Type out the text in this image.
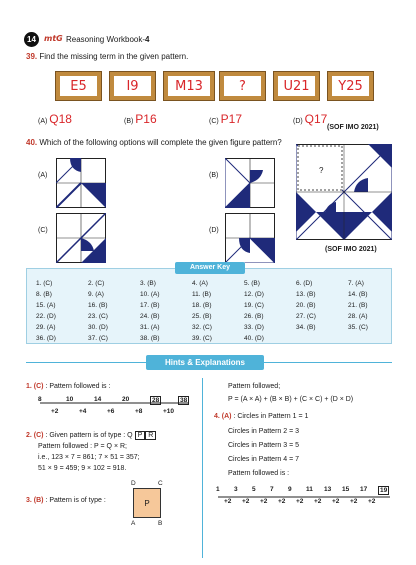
14	mtG Reasoning Workbook-4
39. Find the missing term in the given pattern.
E5	I9	M13	?	U21	Y25
(A) Q18	(B) P16	(C) P17	(D) Q17
(SOF IMO 2021)
40. Which of the following options will complete the given figure pattern?
(A)
(C)
(B)
(D)
?
(SOF IMO 2021)
Answer Key
1. (C)	2. (C)	3. (B)	4. (A)	5. (B)	6. (D)	7. (A)
8. (B)	9. (A)	10. (A)	11. (B)	12. (D)	13. (B)	14. (B)
15. (A)	16. (B)	17. (B)	18. (B)	19. (C)	20. (B)	21. (B)
22. (D)	23. (C)	24. (B)	25. (B)	26. (B)	27. (C)	28. (A)
29. (A)	30. (D)	31. (A)	32. (C)	33. (D)	34. (B)	35. (C)
36. (D)	37. (C)	38. (B)	39. (C)	40. (D)
Hints & Explanations
1. (C) : Pattern followed is :
8	10	14	20	28	38
+2	+4	+6	+8	+10
2. (C) : Given pattern is of type : Q P R
Pattern followed : P = Q × R;
i.e., 123 × 7 = 861; 7 × 51 = 357;
51 × 9 = 459; 9 × 102 = 918.
3. (B) : Pattern is of type :
D	C
P
A	B
Pattern followed;
P = (A × A) + (B × B) + (C × C) + (D × D)
4. (A) : Circles in Pattern 1 = 1
Circles in Pattern 2 = 3
Circles in Pattern 3 = 5
Circles in Pattern 4 = 7
Pattern followed is :
1 3 5 7 9 11 13 15 17	19
+2 +2 +2 +2 +2 +2 +2 +2 +2
